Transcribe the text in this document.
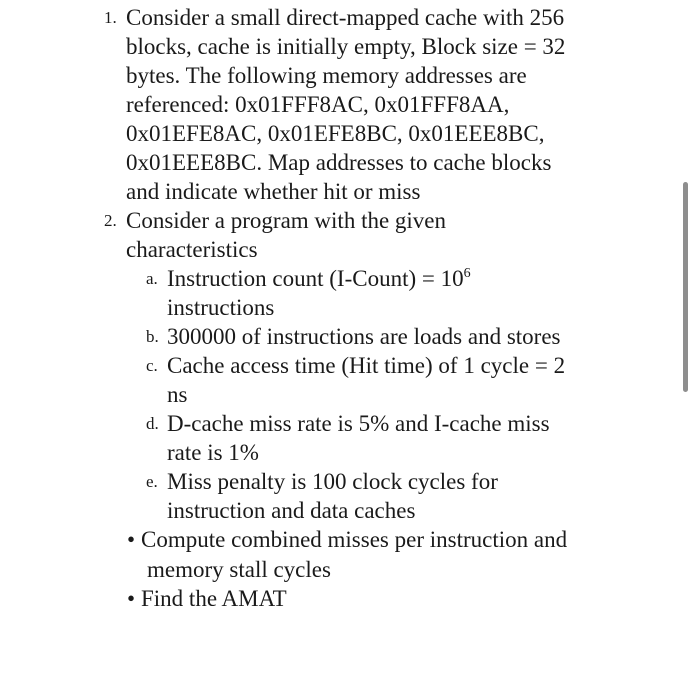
1. Consider a small direct-mapped cache with 256
blocks, cache is initially empty, Block size = 32
bytes. The following memory addresses are
referenced: 0x01FFF8AC, 0x01FFF8AA,
0x01EFE8AC, 0x01EFE8BC, 0x01EEE8BC,
0x01EEE8BC. Map addresses to cache blocks
and indicate whether hit or miss
2. Consider a program with the given
characteristics
a. Instruction count (I-Count) = $10^6$
instructions
b. 300000 of instructions are loads and stores
c. Cache access time (Hit time) of 1 cycle = 2
ns
d. D-cache miss rate is 5% and I-cache miss
rate is 1%
e. Miss penalty is 100 clock cycles for
instruction and data caches
• Compute combined misses per instruction and
memory stall cycles
• Find the AMAT
